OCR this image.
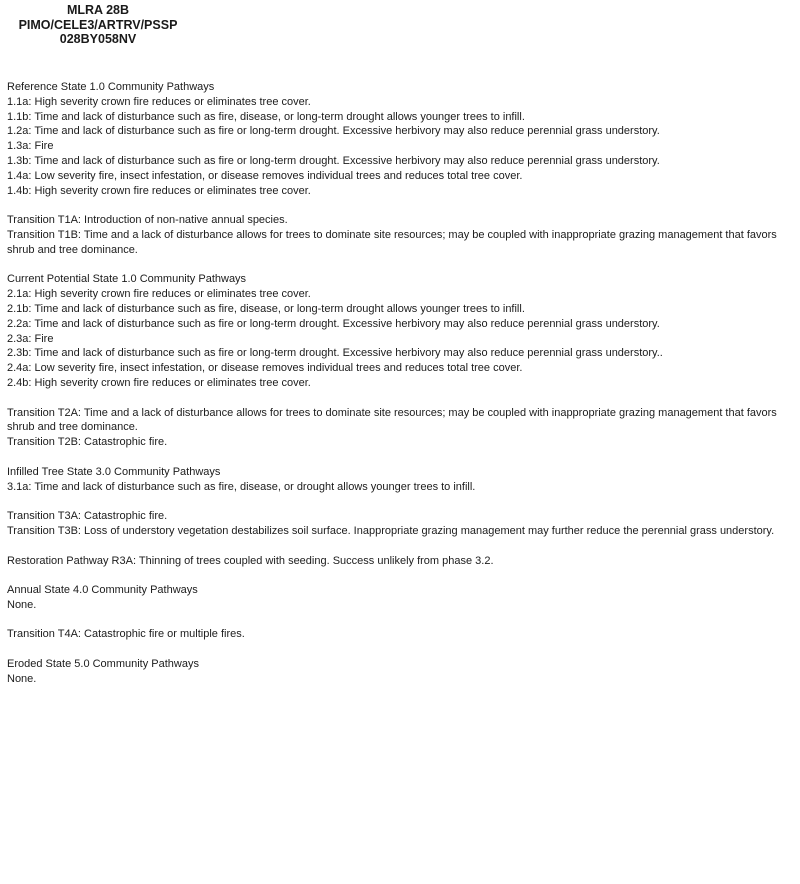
MLRA 28B
PIMO/CELE3/ARTRV/PSSP
028BY058NV
Reference State 1.0 Community Pathways
1.1a: High severity crown fire reduces or eliminates tree cover.
1.1b: Time and lack of disturbance such as fire, disease, or long-term drought allows younger trees to infill.
1.2a: Time and lack of disturbance such as fire or long-term drought. Excessive herbivory may also reduce perennial grass understory.
1.3a: Fire
1.3b: Time and lack of disturbance such as fire or long-term drought. Excessive herbivory may also reduce perennial grass understory.
1.4a: Low severity fire, insect infestation, or disease removes individual trees and reduces total tree cover.
1.4b: High severity crown fire reduces or eliminates tree cover.
Transition T1A: Introduction of non-native annual species.
Transition T1B: Time and a lack of disturbance allows for trees to dominate site resources; may be coupled with inappropriate grazing management that favors shrub and tree dominance.
Current Potential State 1.0 Community Pathways
2.1a: High severity crown fire reduces or eliminates tree cover.
2.1b: Time and lack of disturbance such as fire, disease, or long-term drought allows younger trees to infill.
2.2a: Time and lack of disturbance such as fire or long-term drought. Excessive herbivory may also reduce perennial grass understory.
2.3a: Fire
2.3b: Time and lack of disturbance such as fire or long-term drought. Excessive herbivory may also reduce perennial grass understory..
2.4a: Low severity fire, insect infestation, or disease removes individual trees and reduces total tree cover.
2.4b: High severity crown fire reduces or eliminates tree cover.
Transition T2A: Time and a lack of disturbance allows for trees to dominate site resources; may be coupled with inappropriate grazing management that favors shrub and tree dominance.
Transition T2B: Catastrophic fire.
Infilled Tree State 3.0 Community Pathways
3.1a: Time and lack of disturbance such as fire, disease, or drought allows younger trees to infill.
Transition T3A: Catastrophic fire.
Transition T3B: Loss of understory vegetation destabilizes soil surface. Inappropriate grazing management may further reduce the perennial grass understory.
Restoration Pathway R3A: Thinning of trees coupled with seeding. Success unlikely from phase 3.2.
Annual State 4.0 Community Pathways
None.
Transition T4A: Catastrophic fire or multiple fires.
Eroded State 5.0 Community Pathways
None.
